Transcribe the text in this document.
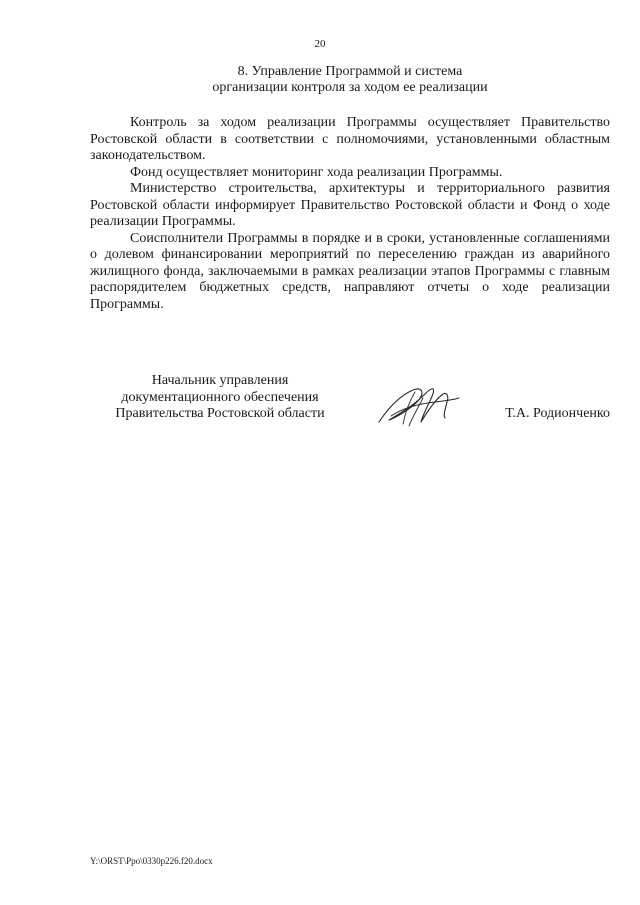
20
8. Управление Программой и система
организации контроля за ходом ее реализации

Контроль за ходом реализации Программы осуществляет Правительство Ростовской области в соответствии с полномочиями, установленными областным законодательством.

Фонд осуществляет мониторинг хода реализации Программы.

Министерство строительства, архитектуры и территориального развития Ростовской области информирует Правительство Ростовской области и Фонд о ходе реализации Программы.

Соисполнители Программы в порядке и в сроки, установленные соглашениями о долевом финансировании мероприятий по переселению граждан из аварийного жилищного фонда, заключаемыми в рамках реализации этапов Программы с главным распорядителем бюджетных средств, направляют отчеты о ходе реализации Программы.

Начальник управления
документационного обеспечения
Правительства Ростовской области	Т.А. Родионченко
Y:\ORST\Ppo\0330p226.f20.docx
